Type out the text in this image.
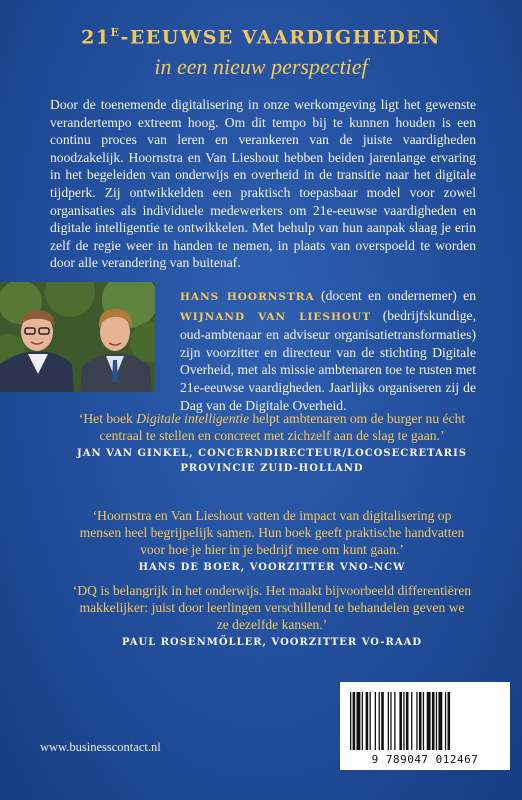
$21^E$-EEUWSE VAARDIGHEDEN
in een nieuw perspectief
Door de toenemende digitalisering in onze werkomgeving ligt het gewenste verandertempo extreem hoog. Om dit tempo bij te kunnen houden is een continu proces van leren en verankeren van de juiste vaardigheden noodzakelijk. Hoornstra en Van Lieshout hebben beiden jarenlange ervaring in het begeleiden van onderwijs en overheid in de transitie naar het digitale tijdperk. Zij ontwikkelden een praktisch toepasbaar model voor zowel organisaties als individuele medewerkers om 21e-eeuwse vaardigheden en digitale intelligentie te ontwikkelen. Met behulp van hun aanpak slaag je erin zelf de regie weer in handen te nemen, in plaats van overspoeld te worden door alle verandering van buitenaf.
HANS HOORNSTRA (docent en ondernemer) en WIJNAND VAN LIESHOUT (bedrijfskundige, oud-ambtenaar en adviseur organisatietransformaties) zijn voorzitter en directeur van de stichting Digitale Overheid, met als missie ambtenaren toe te rusten met 21e-eeuwse vaardigheden. Jaarlijks organiseren zij de Dag van de Digitale Overheid.
‘Het boek Digitale intelligentie helpt ambtenaren om de burger nu écht centraal te stellen en concreet met zichzelf aan de slag te gaan.’
JAN VAN GINKEL, CONCERNDIRECTEUR/LOCOSECRETARIS PROVINCIE ZUID-HOLLAND
‘Hoornstra en Van Lieshout vatten de impact van digitalisering op mensen heel begrijpelijk samen. Hun boek geeft praktische handvatten voor hoe je hier in je bedrijf mee om kunt gaan.’
HANS DE BOER, VOORZITTER VNO-NCW
‘DQ is belangrijk in het onderwijs. Het maakt bijvoorbeeld differentiëren makkelijker: juist door leerlingen verschillend te behandelen geven we ze dezelfde kansen.’
PAUL ROSENMÖLLER, VOORZITTER VO-RAAD
www.businesscontact.nl
9 789047 012467
